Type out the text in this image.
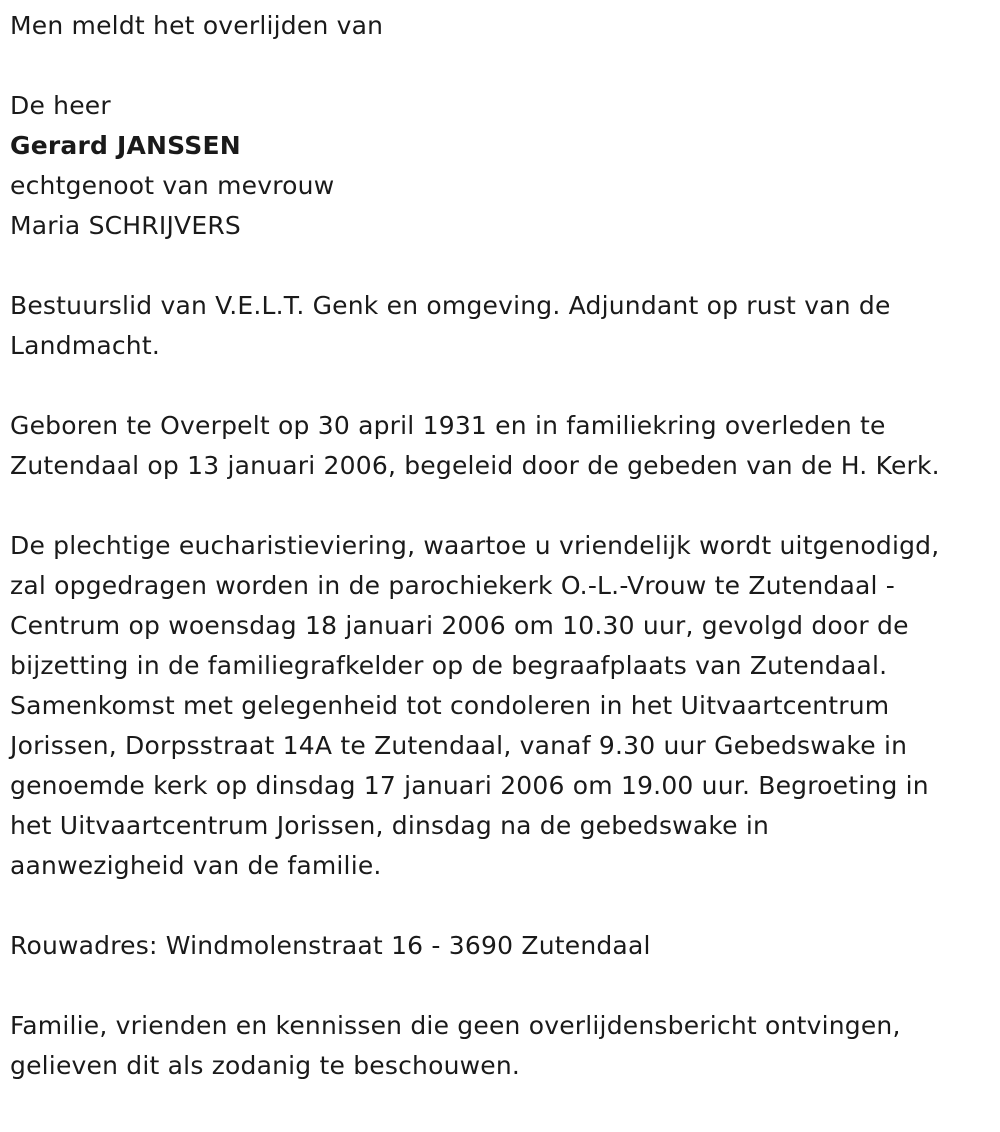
Men meldt het overlijden van
De heer
Gerard JANSSEN
echtgenoot van mevrouw
Maria SCHRIJVERS

Bestuurslid van V.E.L.T. Genk en omgeving. Adjundant op rust van de
Landmacht.

Geboren te Overpelt op 30 april 1931 en in familiekring overleden te
Zutendaal op 13 januari 2006, begeleid door de gebeden van de H. Kerk.

De plechtige eucharistieviering, waartoe u vriendelijk wordt uitgenodigd,
zal opgedragen worden in de parochiekerk O.-L.-Vrouw te Zutendaal -
Centrum op woensdag 18 januari 2006 om 10.30 uur, gevolgd door de
bijzetting in de familiegrafkelder op de begraafplaats van Zutendaal.
Samenkomst met gelegenheid tot condoleren in het Uitvaartcentrum
Jorissen, Dorpsstraat 14A te Zutendaal, vanaf 9.30 uur Gebedswake in
genoemde kerk op dinsdag 17 januari 2006 om 19.00 uur. Begroeting in
het Uitvaartcentrum Jorissen, dinsdag na de gebedswake in
aanwezigheid van de familie.

Rouwadres: Windmolenstraat 16 - 3690 Zutendaal

Familie, vrienden en kennissen die geen overlijdensbericht ontvingen,
gelieven dit als zodanig te beschouwen.
